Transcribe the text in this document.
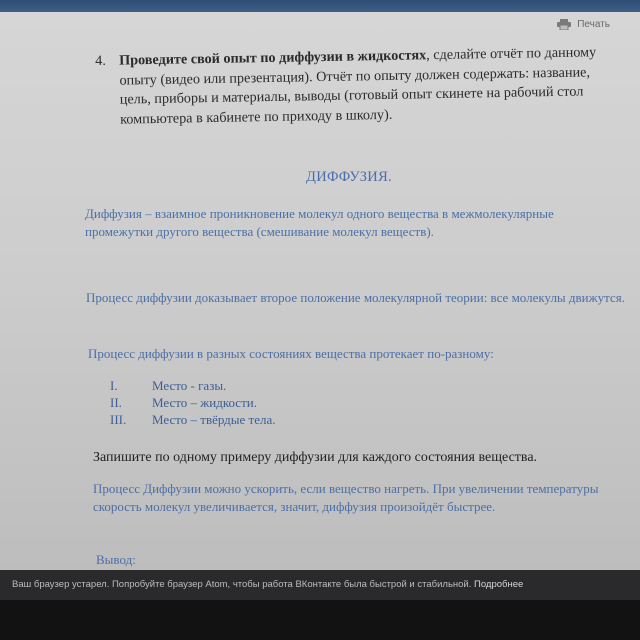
Печать
4. Проведите свой опыт по диффузии в жидкостях, сделайте отчёт по данному опыту (видео или презентация). Отчёт по опыту должен содержать: название, цель, приборы и материалы, выводы (готовый опыт скинете на рабочий стол компьютера в кабинете по приходу в школу).
ДИФФУЗИЯ.
Диффузия – взаимное проникновение молекул одного вещества в межмолекулярные промежутки другого вещества (смешивание молекул веществ).
Процесс диффузии доказывает второе положение молекулярной теории: все молекулы движутся.
Процесс диффузии в разных состояниях вещества протекает по-разному:
I.	Место - газы.
II.	Место – жидкости.
III.	Место – твёрдые тела.
Запишите по одному примеру диффузии для каждого состояния вещества.
Процесс Диффузии можно ускорить, если вещество нагреть. При увеличении температуры скорость молекул увеличивается, значит, диффузия произойдёт быстрее.
Вывод:
Ваш браузер устарел. Попробуйте браузер Atom, чтобы работа ВКонтакте была быстрой и стабильной. Подробнее
